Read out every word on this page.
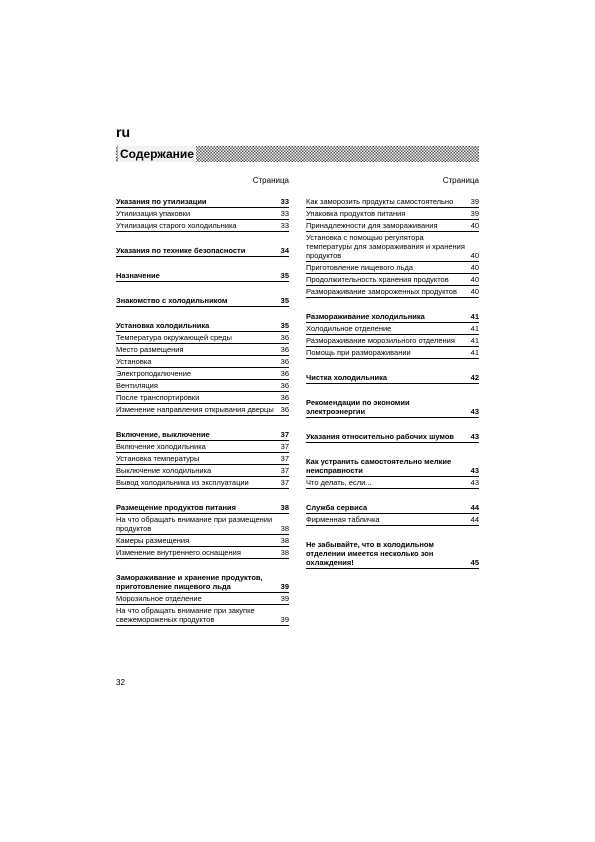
ru
Содержание
Страница
Указания по утилизации	33
Утилизация упаковки	33
Утилизация старого холодильника	33
Указания по технике безопасности	34
Назначение	35
Знакомство с холодильником	35
Установка холодильника	35
Температура окружающей среды	36
Место размещения	36
Установка	36
Электроподключение	36
Вентиляция	36
После транспортировки	36
Изменение направления открывания дверцы 36
Включение, выключение	37
Включение холодильника	37
Установка температуры	37
Выключение холодильника	37
Вывод холодильника из эксплуатации	37
Размещение продуктов питания	38
На что обращать внимание при размещении продуктов	38
Камеры размещения	38
Изменение внутреннего оснащения	38
Замораживание и хранение продуктов, приготовление пищевого льда	39
Морозильное отделение	39
На что обращать внимание при закупке свежемороженых продуктов	39
Страница
Как заморозить продукты самостоятельно	39
Упаковка продуктов питания	39
Принадлежности для замораживания	40
Установка с помощью регулятора температуры для замораживания и хранения продуктов	40
Приготовление пищевого льда	40
Продолжительность хранения продуктов	40
Размораживание замороженных продуктов	40
Размораживание холодильника	41
Холодильное отделение	41
Размораживание морозильного отделения	41
Помощь при размораживании	41
Чистка холодильника	42
Рекомендации по экономии электроэнергии	43
Указания относительно рабочих шумов	43
Как устранить самостоятельно мелкие неисправности	43
Что делать, если...	43
Служба сервиса	44
Фирменная табличка	44
Не забывайте, что в холодильном отделении имеется несколько зон охлаждения!	45
32
